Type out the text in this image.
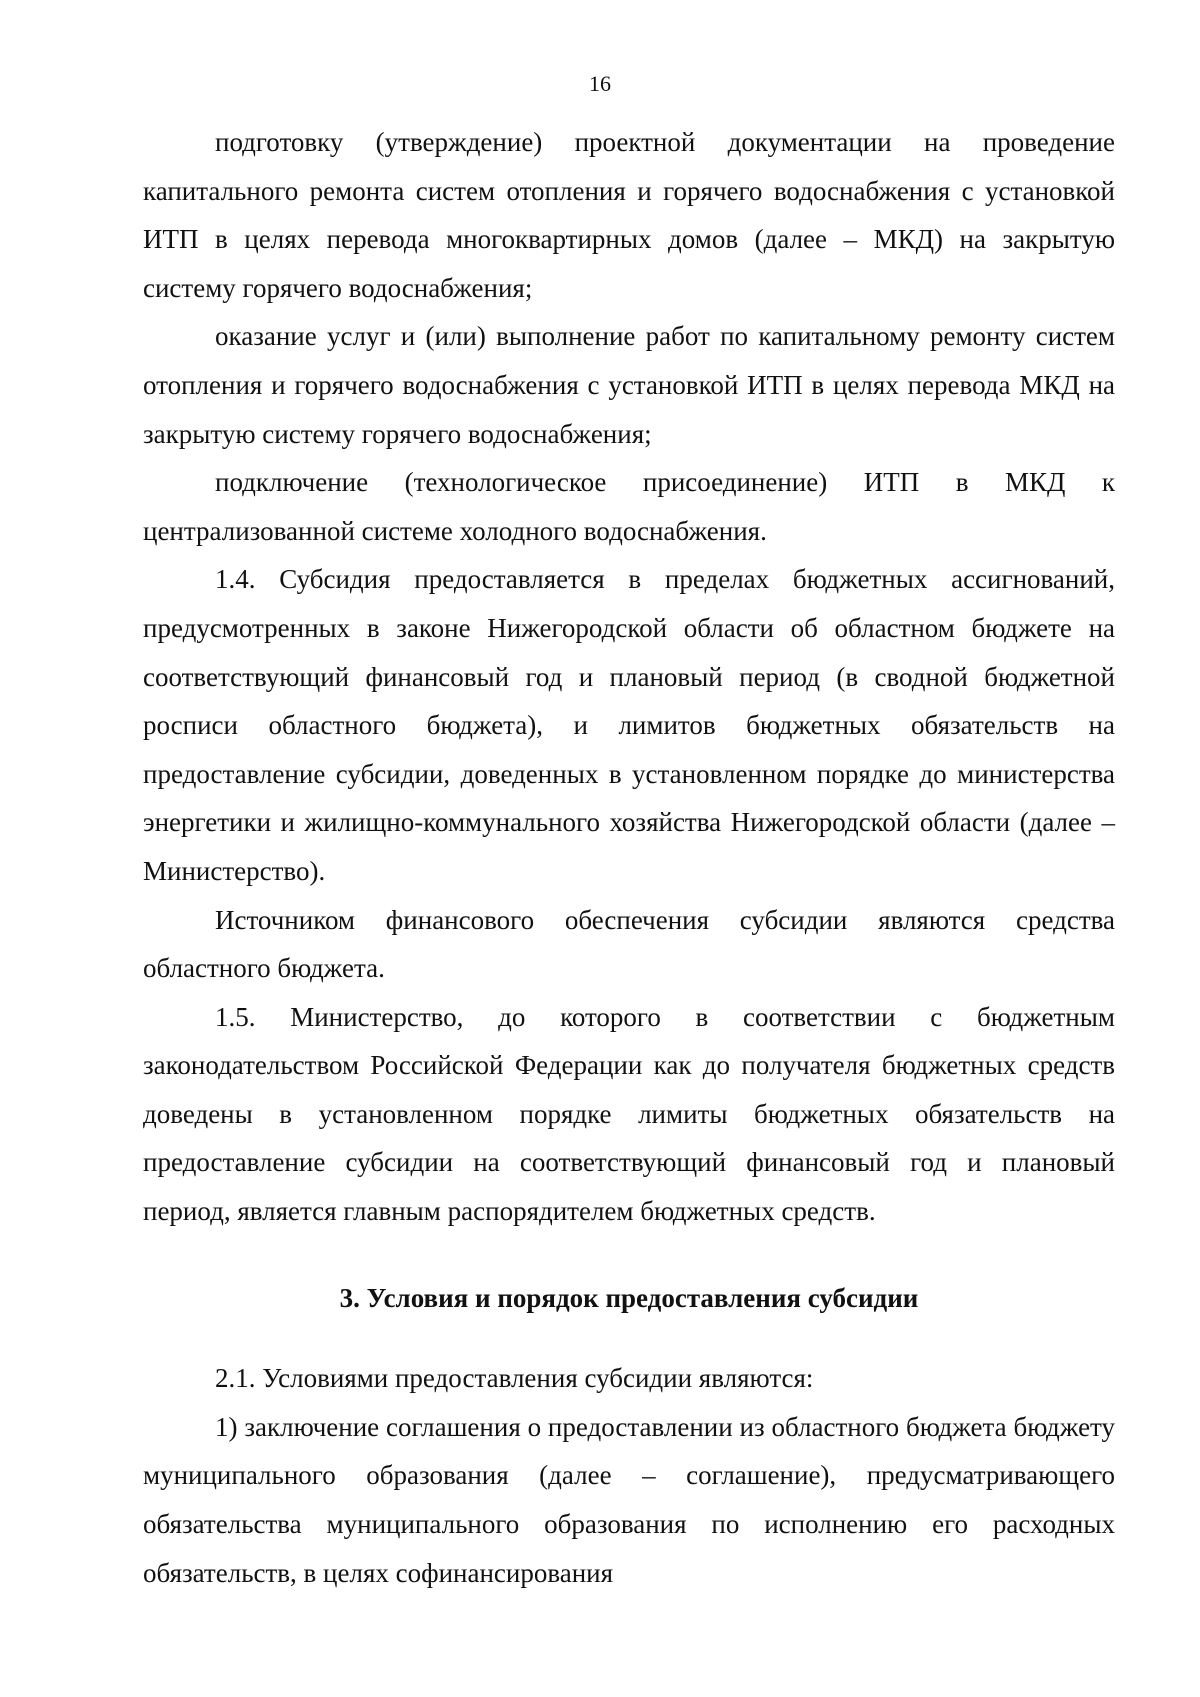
16

подготовку (утверждение) проектной документации на проведение капитального ремонта систем отопления и горячего водоснабжения с установкой ИТП в целях перевода многоквартирных домов (далее – МКД) на закрытую систему горячего водоснабжения;

оказание услуг и (или) выполнение работ по капитальному ремонту систем отопления и горячего водоснабжения с установкой ИТП в целях перевода МКД на закрытую систему горячего водоснабжения;

подключение (технологическое присоединение) ИТП в МКД к централизованной системе холодного водоснабжения.

1.4. Субсидия предоставляется в пределах бюджетных ассигнований, предусмотренных в законе Нижегородской области об областном бюджете на соответствующий финансовый год и плановый период (в сводной бюджетной росписи областного бюджета), и лимитов бюджетных обязательств на предоставление субсидии, доведенных в установленном порядке до министерства энергетики и жилищно-коммунального хозяйства Нижегородской области (далее – Министерство).

Источником финансового обеспечения субсидии являются средства областного бюджета.

1.5. Министерство, до которого в соответствии с бюджетным законодательством Российской Федерации как до получателя бюджетных средств доведены в установленном порядке лимиты бюджетных обязательств на предоставление субсидии на соответствующий финансовый год и плановый период, является главным распорядителем бюджетных средств.

3. Условия и порядок предоставления субсидии

2.1. Условиями предоставления субсидии являются:

1) заключение соглашения о предоставлении из областного бюджета бюджету муниципального образования (далее – соглашение), предусматривающего обязательства муниципального образования по исполнению его расходных обязательств, в целях софинансирования
